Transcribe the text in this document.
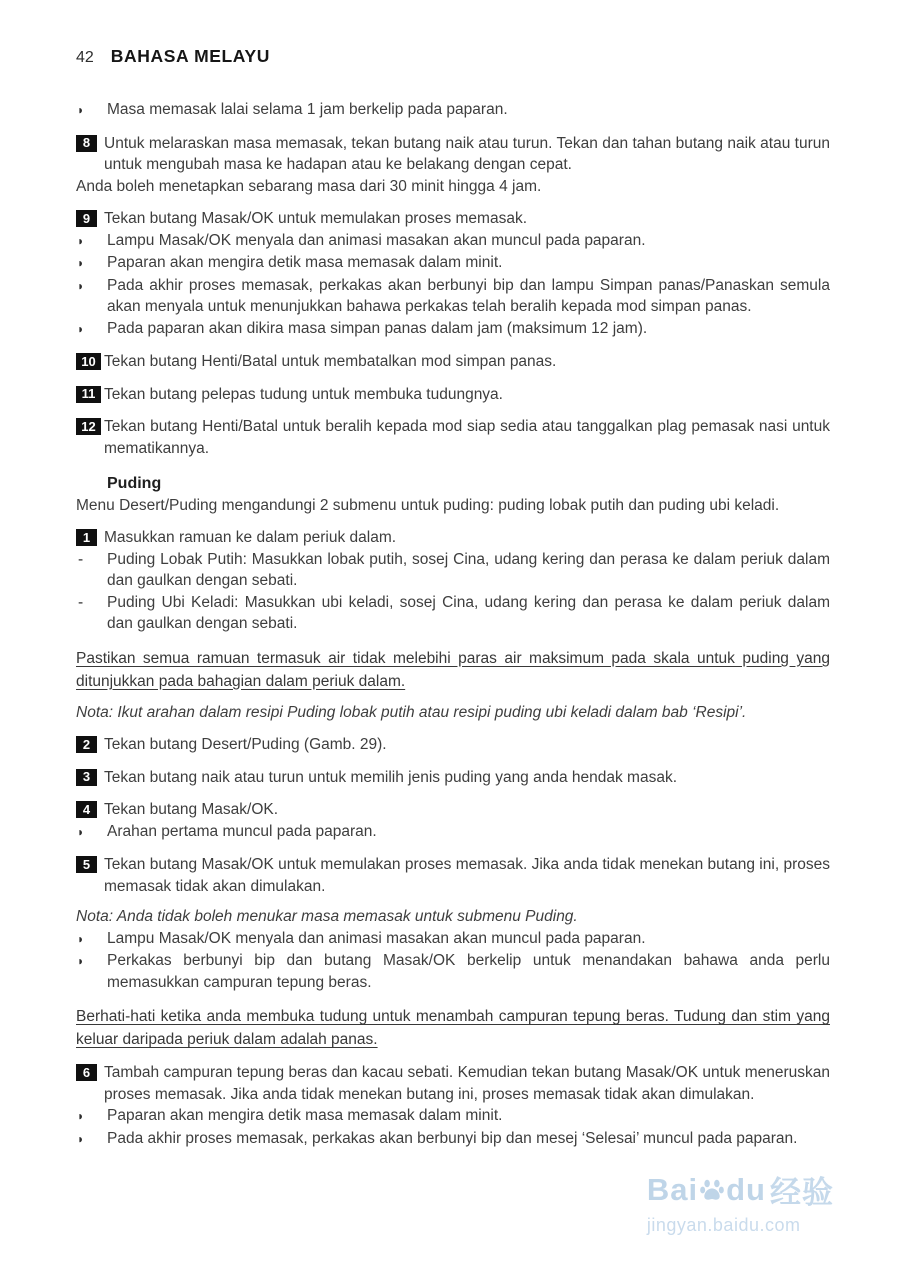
42 BAHASA MELAYU
◗	Masa memasak lalai selama 1 jam berkelip pada paparan.
8 Untuk melaraskan masa memasak, tekan butang naik atau turun. Tekan dan tahan butang naik atau turun untuk mengubah masa ke hadapan atau ke belakang dengan cepat.
Anda boleh menetapkan sebarang masa dari 30 minit hingga 4 jam.
9 Tekan butang Masak/OK untuk memulakan proses memasak.
◗	Lampu Masak/OK menyala dan animasi masakan akan muncul pada paparan.
◗	Paparan akan mengira detik masa memasak dalam minit.
◗	Pada akhir proses memasak, perkakas akan berbunyi bip dan lampu Simpan panas/Panaskan semula akan menyala untuk menunjukkan bahawa perkakas telah beralih kepada mod simpan panas.
◗	Pada paparan akan dikira masa simpan panas dalam jam (maksimum 12 jam).
10 Tekan butang Henti/Batal untuk membatalkan mod simpan panas.
11 Tekan butang pelepas tudung untuk membuka tudungnya.
12 Tekan butang Henti/Batal untuk beralih kepada mod siap sedia atau tanggalkan plag pemasak nasi untuk mematikannya.
Puding
Menu Desert/Puding mengandungi 2 submenu untuk puding: puding lobak putih dan puding ubi keladi.
1 Masukkan ramuan ke dalam periuk dalam.
-	Puding Lobak Putih: Masukkan lobak putih, sosej Cina, udang kering dan perasa ke dalam periuk dalam dan gaulkan dengan sebati.
-	Puding Ubi Keladi: Masukkan ubi keladi, sosej Cina, udang kering dan perasa ke dalam periuk dalam dan gaulkan dengan sebati.
Pastikan semua ramuan termasuk air tidak melebihi paras air maksimum pada skala untuk puding yang ditunjukkan pada bahagian dalam periuk dalam.
Nota: Ikut arahan dalam resipi Puding lobak putih atau resipi puding ubi keladi dalam bab ‘Resipi’.
2 Tekan butang Desert/Puding (Gamb. 29).
3 Tekan butang naik atau turun untuk memilih jenis puding yang anda hendak masak.
4 Tekan butang Masak/OK.
◗	Arahan pertama muncul pada paparan.
5 Tekan butang Masak/OK untuk memulakan proses memasak. Jika anda tidak menekan butang ini, proses memasak tidak akan dimulakan.
Nota: Anda tidak boleh menukar masa memasak untuk submenu Puding.
◗	Lampu Masak/OK menyala dan animasi masakan akan muncul pada paparan.
◗	Perkakas berbunyi bip dan butang Masak/OK berkelip untuk menandakan bahawa anda perlu memasukkan campuran tepung beras.
Berhati-hati ketika anda membuka tudung untuk menambah campuran tepung beras. Tudung dan stim yang keluar daripada periuk dalam adalah panas.
6 Tambah campuran tepung beras dan kacau sebati. Kemudian tekan butang Masak/OK untuk meneruskan proses memasak. Jika anda tidak menekan butang ini, proses memasak tidak akan dimulakan.
◗	Paparan akan mengira detik masa memasak dalam minit.
◗	Pada akhir proses memasak, perkakas akan berbunyi bip dan mesej ‘Selesai’ muncul pada paparan.
Bai du 经验
jingyan.baidu.com
